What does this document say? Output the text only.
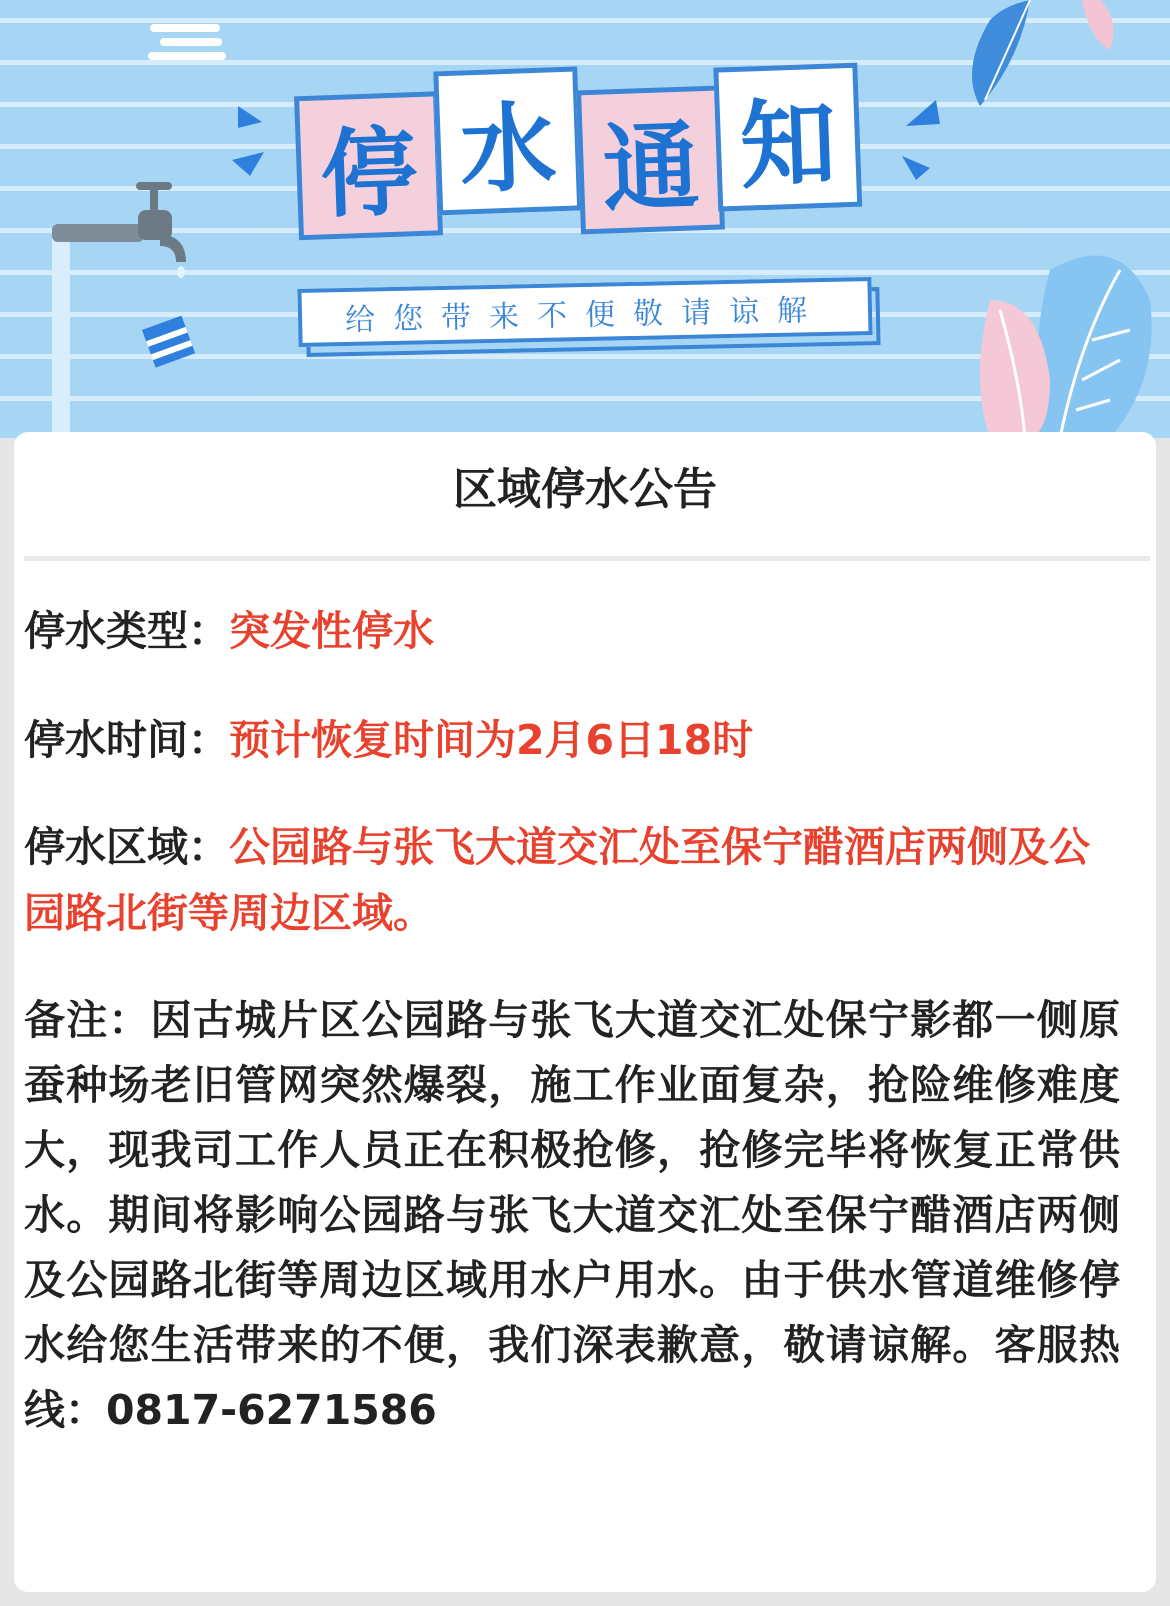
停 水 通 知
给您带来不便敬请谅解
区域停水公告
停水类型：突发性停水
停水时间：预计恢复时间为2月6日18时
停水区域：公园路与张飞大道交汇处至保宁醋酒店两侧及公园路北街等周边区域。
备注：因古城片区公园路与张飞大道交汇处保宁影都一侧原蚕种场老旧管网突然爆裂，施工作业面复杂，抢险维修难度大，现我司工作人员正在积极抢修，抢修完毕将恢复正常供水。期间将影响公园路与张飞大道交汇处至保宁醋酒店两侧及公园路北街等周边区域用水户用水。由于供水管道维修停水给您生活带来的不便，我们深表歉意，敬请谅解。客服热线：0817-6271586
